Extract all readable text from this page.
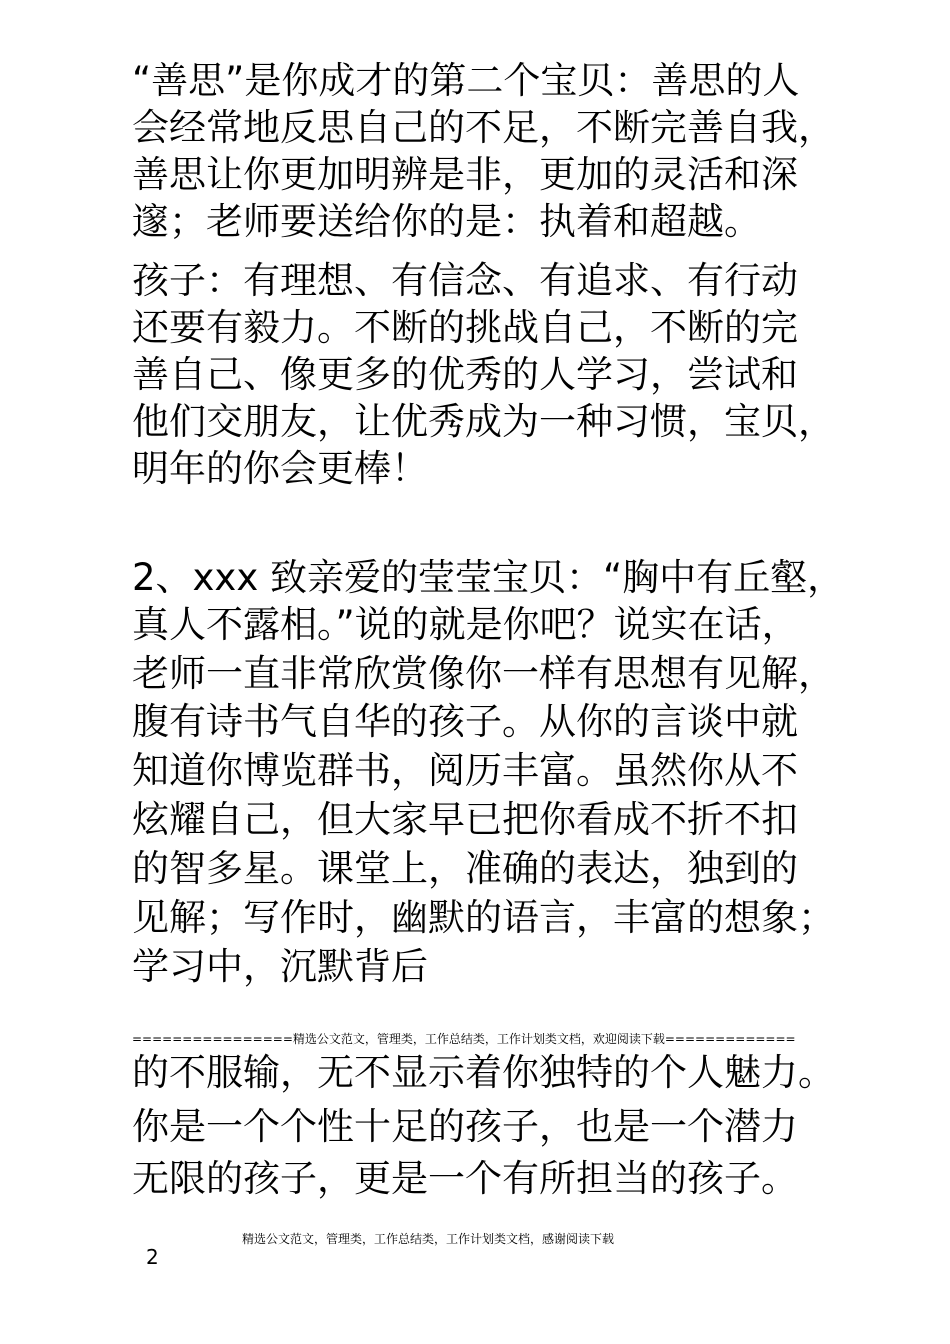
“善思”是你成才的第二个宝贝：善思的人
会经常地反思自己的不足，不断完善自我，
善思让你更加明辨是非，更加的灵活和深
邃；老师要送给你的是：执着和超越。
孩子：有理想、有信念、有追求、有行动
还要有毅力。不断的挑战自己，不断的完
善自己、像更多的优秀的人学习，尝试和
他们交朋友，让优秀成为一种习惯，宝贝，
明年的你会更棒！
2、xxx 致亲爱的莹莹宝贝：“胸中有丘壑，
真人不露相。”说的就是你吧？说实在话，
老师一直非常欣赏像你一样有思想有见解，
腹有诗书气自华的孩子。从你的言谈中就
知道你博览群书，阅历丰富。虽然你从不
炫耀自己，但大家早已把你看成不折不扣
的智多星。课堂上，准确的表达，独到的
见解；写作时，幽默的语言，丰富的想象；
学习中，沉默背后
================精选公文范文，管理类，工作总结类，工作计划类文档，欢迎阅读下载=============
的不服输，无不显示着你独特的个人魅力。
你是一个个性十足的孩子，也是一个潜力
无限的孩子，更是一个有所担当的孩子。
精选公文范文，管理类，工作总结类，工作计划类文档，感谢阅读下载
2
